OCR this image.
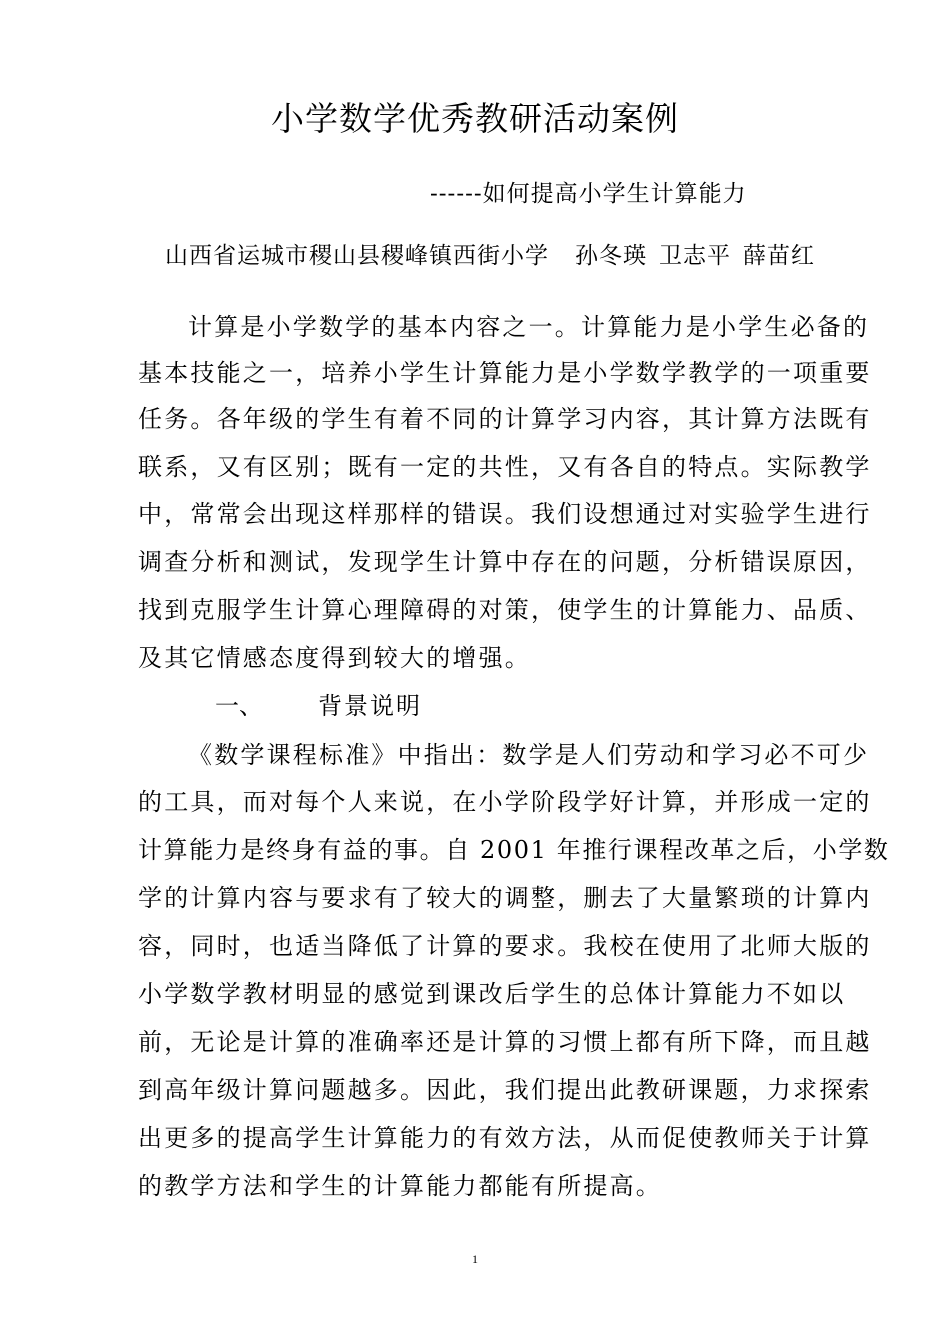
小学数学优秀教研活动案例
------如何提高小学生计算能力
山西省运城市稷山县稷峰镇西街小学 孙冬瑛 卫志平 薛苗红
计算是小学数学的基本内容之一。计算能力是小学生必备的
基本技能之一，培养小学生计算能力是小学数学教学的一项重要
任务。各年级的学生有着不同的计算学习内容，其计算方法既有
联系，又有区别；既有一定的共性，又有各自的特点。实际教学
中，常常会出现这样那样的错误。我们设想通过对实验学生进行
调查分析和测试，发现学生计算中存在的问题，分析错误原因，
找到克服学生计算心理障碍的对策，使学生的计算能力、品质、
及其它情感态度得到较大的增强。
一、 背景说明
《数学课程标准》中指出：数学是人们劳动和学习必不可少
的工具，而对每个人来说，在小学阶段学好计算，并形成一定的
计算能力是终身有益的事。自 2001 年推行课程改革之后，小学数
学的计算内容与要求有了较大的调整，删去了大量繁琐的计算内
容，同时，也适当降低了计算的要求。我校在使用了北师大版的
小学数学教材明显的感觉到课改后学生的总体计算能力不如以
前，无论是计算的准确率还是计算的习惯上都有所下降，而且越
到高年级计算问题越多。因此，我们提出此教研课题，力求探索
出更多的提高学生计算能力的有效方法，从而促使教师关于计算
的教学方法和学生的计算能力都能有所提高。
1
